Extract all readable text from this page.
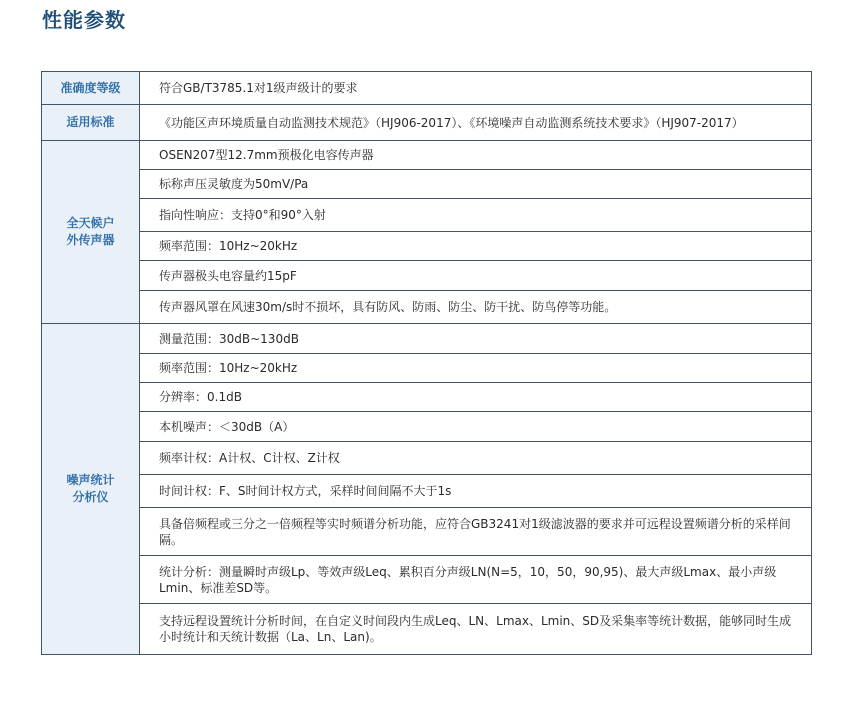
性能参数
准确度等级	符合GB/T3785.1对1级声级计的要求
适用标准	《功能区声环境质量自动监测技术规范》（HJ906-2017）、《环境噪声自动监测系统技术要求》（HJ907-2017）
全天候户
外传声器	OSEN207型12.7mm预极化电容传声器
	标称声压灵敏度为50mV/Pa
	指向性响应：支持0°和90°入射
	频率范围：10Hz~20kHz
	传声器极头电容量约15pF
	传声器风罩在风速30m/s时不损坏，具有防风、防雨、防尘、防干扰、防鸟停等功能。
噪声统计
分析仪	测量范围：30dB~130dB
	频率范围：10Hz~20kHz
	分辨率：0.1dB
	本机噪声：＜30dB（A）
	频率计权：A计权、C计权、Z计权
	时间计权：F、S时间计权方式，采样时间间隔不大于1s
	具备倍频程或三分之一倍频程等实时频谱分析功能，应符合GB3241对1级滤波器的要求并可远程设置频谱分析的采样间隔。
	统计分析：测量瞬时声级Lp、等效声级Leq、累积百分声级LN(N=5，10，50，90,95)、最大声级Lmax、最小声级Lmin、标准差SD等。
	支持远程设置统计分析时间，在自定义时间段内生成Leq、LN、Lmax、Lmin、SD及采集率等统计数据，能够同时生成小时统计和天统计数据（La、Ln、Lan)。
